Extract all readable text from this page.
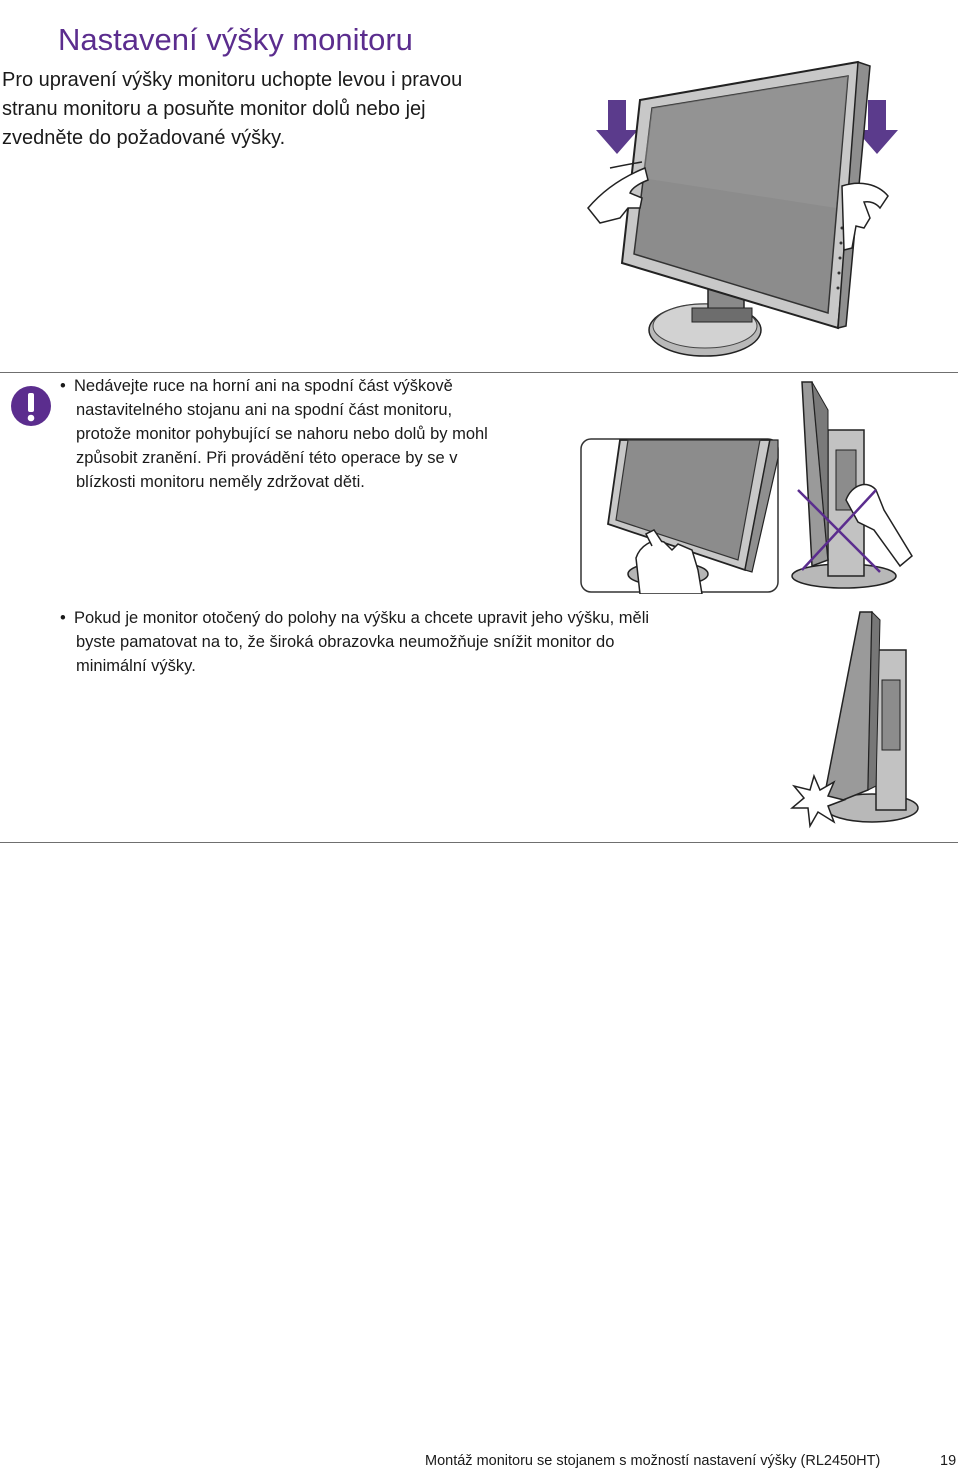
Nastavení výšky monitoru
Pro upravení výšky monitoru uchopte levou i pravou
stranu monitoru a posuňte monitor dolů nebo jej
zvedněte do požadované výšky.
• Nedávejte ruce na horní ani na spodní část výškově
nastavitelného stojanu ani na spodní část monitoru,
protože monitor pohybující se nahoru nebo dolů by mohl
způsobit zranění. Při provádění této operace by se v
blízkosti monitoru neměly zdržovat děti.
• Pokud je monitor otočený do polohy na výšku a chcete upravit jeho výšku, měli
byste pamatovat na to, že široká obrazovka neumožňuje snížit monitor do
minimální výšky.
Montáž monitoru se stojanem s možností nastavení výšky (RL2450HT)	19
